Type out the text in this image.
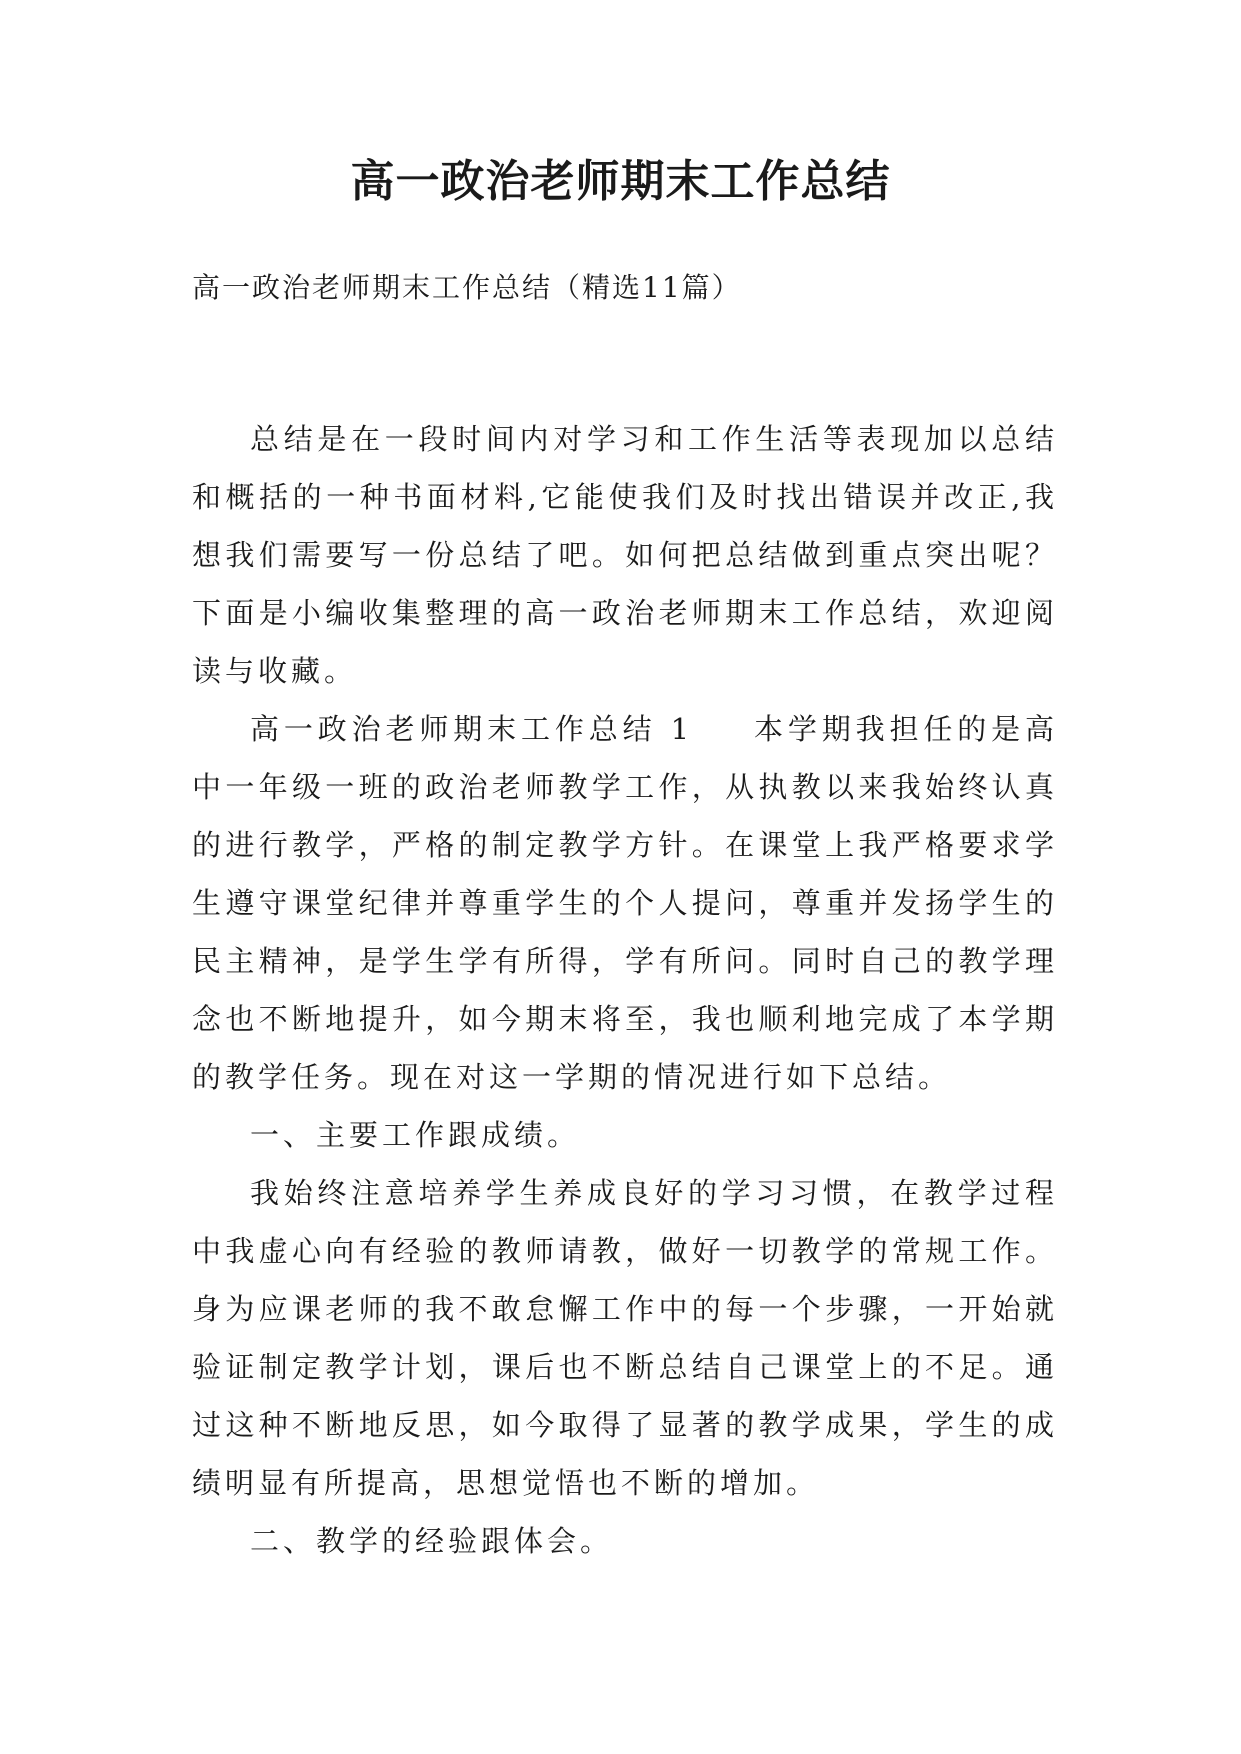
高一政治老师期末工作总结

高一政治老师期末工作总结（精选11篇）

总结是在一段时间内对学习和工作生活等表现加以总结和概括的一种书面材料,它能使我们及时找出错误并改正,我想我们需要写一份总结了吧。如何把总结做到重点突出呢？下面是小编收集整理的高一政治老师期末工作总结，欢迎阅读与收藏。

高一政治老师期末工作总结 1 本学期我担任的是高中一年级一班的政治老师教学工作，从执教以来我始终认真的进行教学，严格的制定教学方针。在课堂上我严格要求学生遵守课堂纪律并尊重学生的个人提问，尊重并发扬学生的民主精神，是学生学有所得，学有所问。同时自己的教学理念也不断地提升，如今期末将至，我也顺利地完成了本学期的教学任务。现在对这一学期的情况进行如下总结。

一、主要工作跟成绩。

我始终注意培养学生养成良好的学习习惯，在教学过程中我虚心向有经验的教师请教，做好一切教学的常规工作。身为应课老师的我不敢怠懈工作中的每一个步骤，一开始就验证制定教学计划，课后也不断总结自己课堂上的不足。通过这种不断地反思，如今取得了显著的教学成果，学生的成绩明显有所提高，思想觉悟也不断的增加。

二、教学的经验跟体会。
